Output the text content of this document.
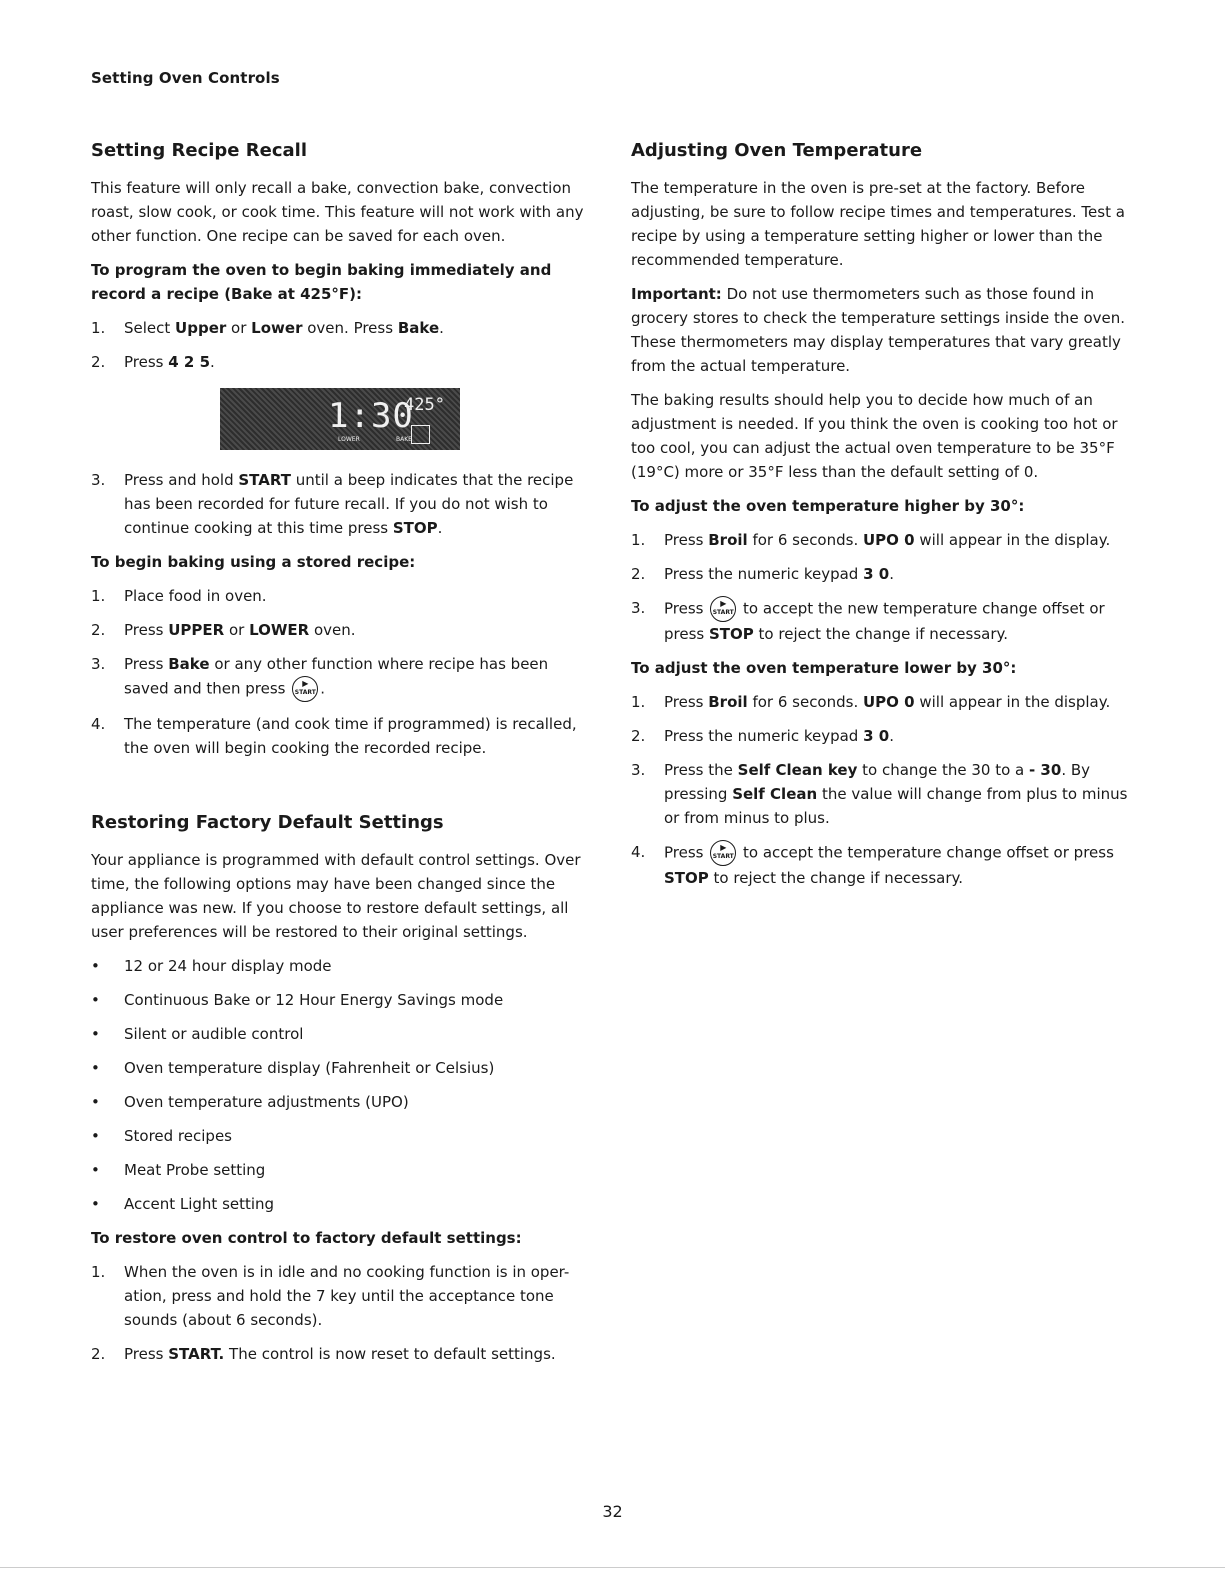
Setting Oven Controls
Setting Recipe Recall

This feature will only recall a bake, convection bake, convection roast, slow cook, or cook time. This feature will not work with any other function. One recipe can be saved for each oven.

To program the oven to begin baking immediately and record a recipe (Bake at 425°F):
1. Select Upper or Lower oven. Press Bake.
2. Press 4 2 5.
1:30
425°
LOWER	BAKE
3. Press and hold START until a beep indicates that the recipe has been recorded for future recall. If you do not wish to continue cooking at this time press STOP.
To begin baking using a stored recipe:
1. Place food in oven.
2. Press UPPER or LOWER oven.
3. Press Bake or any other function where recipe has been saved and then press ▶
START .
4. The temperature (and cook time if programmed) is recalled, the oven will begin cooking the recorded recipe.
Restoring Factory Default Settings

Your appliance is programmed with default control settings. Over time, the following options may have been changed since the appliance was new. If you choose to restore default settings, all user preferences will be restored to their original settings.

• 12 or 24 hour display mode
• Continuous Bake or 12 Hour Energy Savings mode
• Silent or audible control
• Oven temperature display (Fahrenheit or Celsius)
• Oven temperature adjustments (UPO)
• Stored recipes
• Meat Probe setting
• Accent Light setting
To restore oven control to factory default settings:
1. When the oven is in idle and no cooking function is in oper- ation, press and hold the 7 key until the acceptance tone sounds (about 6 seconds).
2. Press START. The control is now reset to default settings.
Adjusting Oven Temperature

The temperature in the oven is pre-set at the factory. Before adjusting, be sure to follow recipe times and temperatures. Test a recipe by using a temperature setting higher or lower than the recommended temperature.

Important: Do not use thermometers such as those found in grocery stores to check the temperature settings inside the oven. These thermometers may display temperatures that vary greatly from the actual temperature.

The baking results should help you to decide how much of an adjustment is needed. If you think the oven is cooking too hot or too cool, you can adjust the actual oven temperature to be 35°F (19°C) more or 35°F less than the default setting of 0.

To adjust the oven temperature higher by 30°:
1. Press Broil for 6 seconds. UPO 0 will appear in the display.
2. Press the numeric keypad 3 0.
3. Press ▶
START to accept the new temperature change offset or press STOP to reject the change if necessary.
To adjust the oven temperature lower by 30°:
1. Press Broil for 6 seconds. UPO 0 will appear in the display.
2. Press the numeric keypad 3 0.
3. Press the Self Clean key to change the 30 to a - 30. By pressing Self Clean the value will change from plus to minus or from minus to plus.
4. Press ▶
START to accept the temperature change offset or press STOP to reject the change if necessary.
32
